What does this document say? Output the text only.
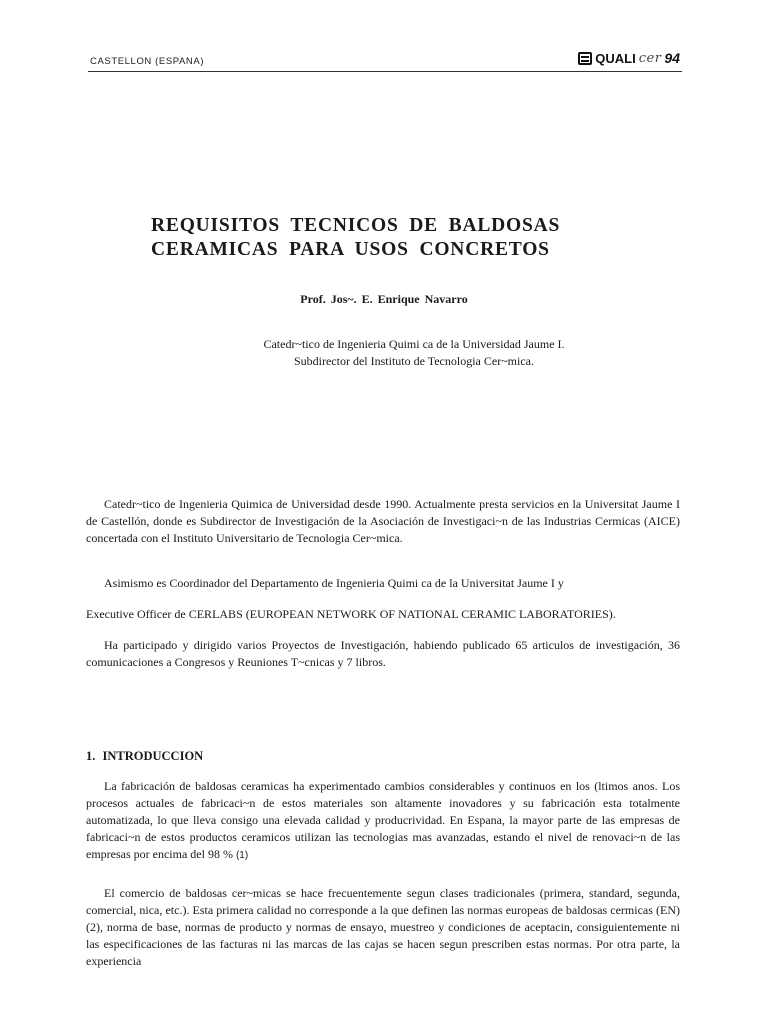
CASTELLON (ESPANA)	QUALI cer 94
REQUISITOS TECNICOS DE BALDOSAS
CERAMICAS PARA USOS CONCRETOS
Prof. Jos~. E. Enrique Navarro
Catedr~tico de Ingenieria Quimi ca de la Universidad Jaume I.
Subdirector del Instituto de Tecnologia Cer~mica.

Catedr~tico de Ingenieria Quimica de Universidad desde 1990. Actualmente presta servicios en la Universitat Jaume I de Castellón, donde es Subdirector de Investigación de la Asociación de Investigaci~n de las Industrias Cermicas (AICE) concertada con el Instituto Universitario de Tecnologia Cer~mica.

Asimismo es Coordinador del Departamento de Ingenieria Quimi ca de la Universitat Jaume I y

Executive Officer de CERLABS (EUROPEAN NETWORK OF NATIONAL CERAMIC LABORATORIES).

Ha participado y dirigido varios Proyectos de Investigación, habiendo publicado 65 articulos de investigación, 36 comunicaciones a Congresos y Reuniones T~cnicas y 7 libros.

1. INTRODUCCION

La fabricación de baldosas ceramicas ha experimentado cambios considerables y continuos en los (ltimos anos. Los procesos actuales de fabricaci~n de estos materiales son altamente inovadores y su fabricación esta totalmente automatizada, lo que lleva consigo una elevada calidad y producrividad. En Espana, la mayor parte de las empresas de fabricaci~n de estos productos ceramicos utilizan las tecnologias mas avanzadas, estando el nivel de renovaci~n de las empresas por encima del 98 % (1)

El comercio de baldosas cer~micas se hace frecuentemente segun clases tradicionales (primera, standard, segunda, comercial, nica, etc.). Esta primera calidad no corresponde a la que definen las normas europeas de baldosas cermicas (EN)(2), norma de base, normas de producto y normas de ensayo, muestreo y condiciones de aceptacin, consiguientemente ni las especificaciones de las facturas ni las marcas de las cajas se hacen segun prescriben estas normas. Por otra parte, la experiencia
